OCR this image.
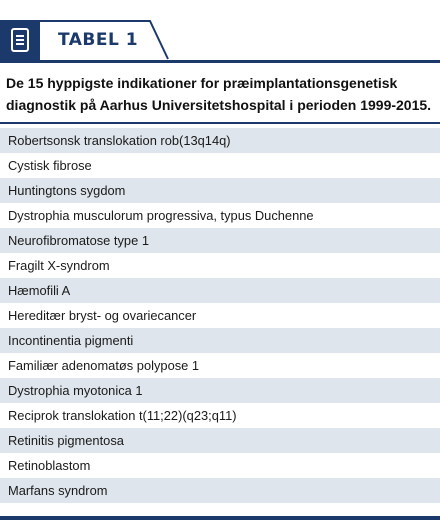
TABEL 1
De 15 hyppigste indikationer for præimplantationsgenetisk diagnostik på Aarhus Universitetshospital i perioden 1999-2015.
Robertsonsk translokation rob(13q14q)
Cystisk fibrose
Huntingtons sygdom
Dystrophia musculorum progressiva, typus Duchenne
Neurofibromatose type 1
Fragilt X-syndrom
Hæmofili A
Hereditær bryst- og ovariecancer
Incontinentia pigmenti
Familiær adenomatøs polypose 1
Dystrophia myotonica 1
Reciprok translokation t(11;22)(q23;q11)
Retinitis pigmentosa
Retinoblastom
Marfans syndrom
